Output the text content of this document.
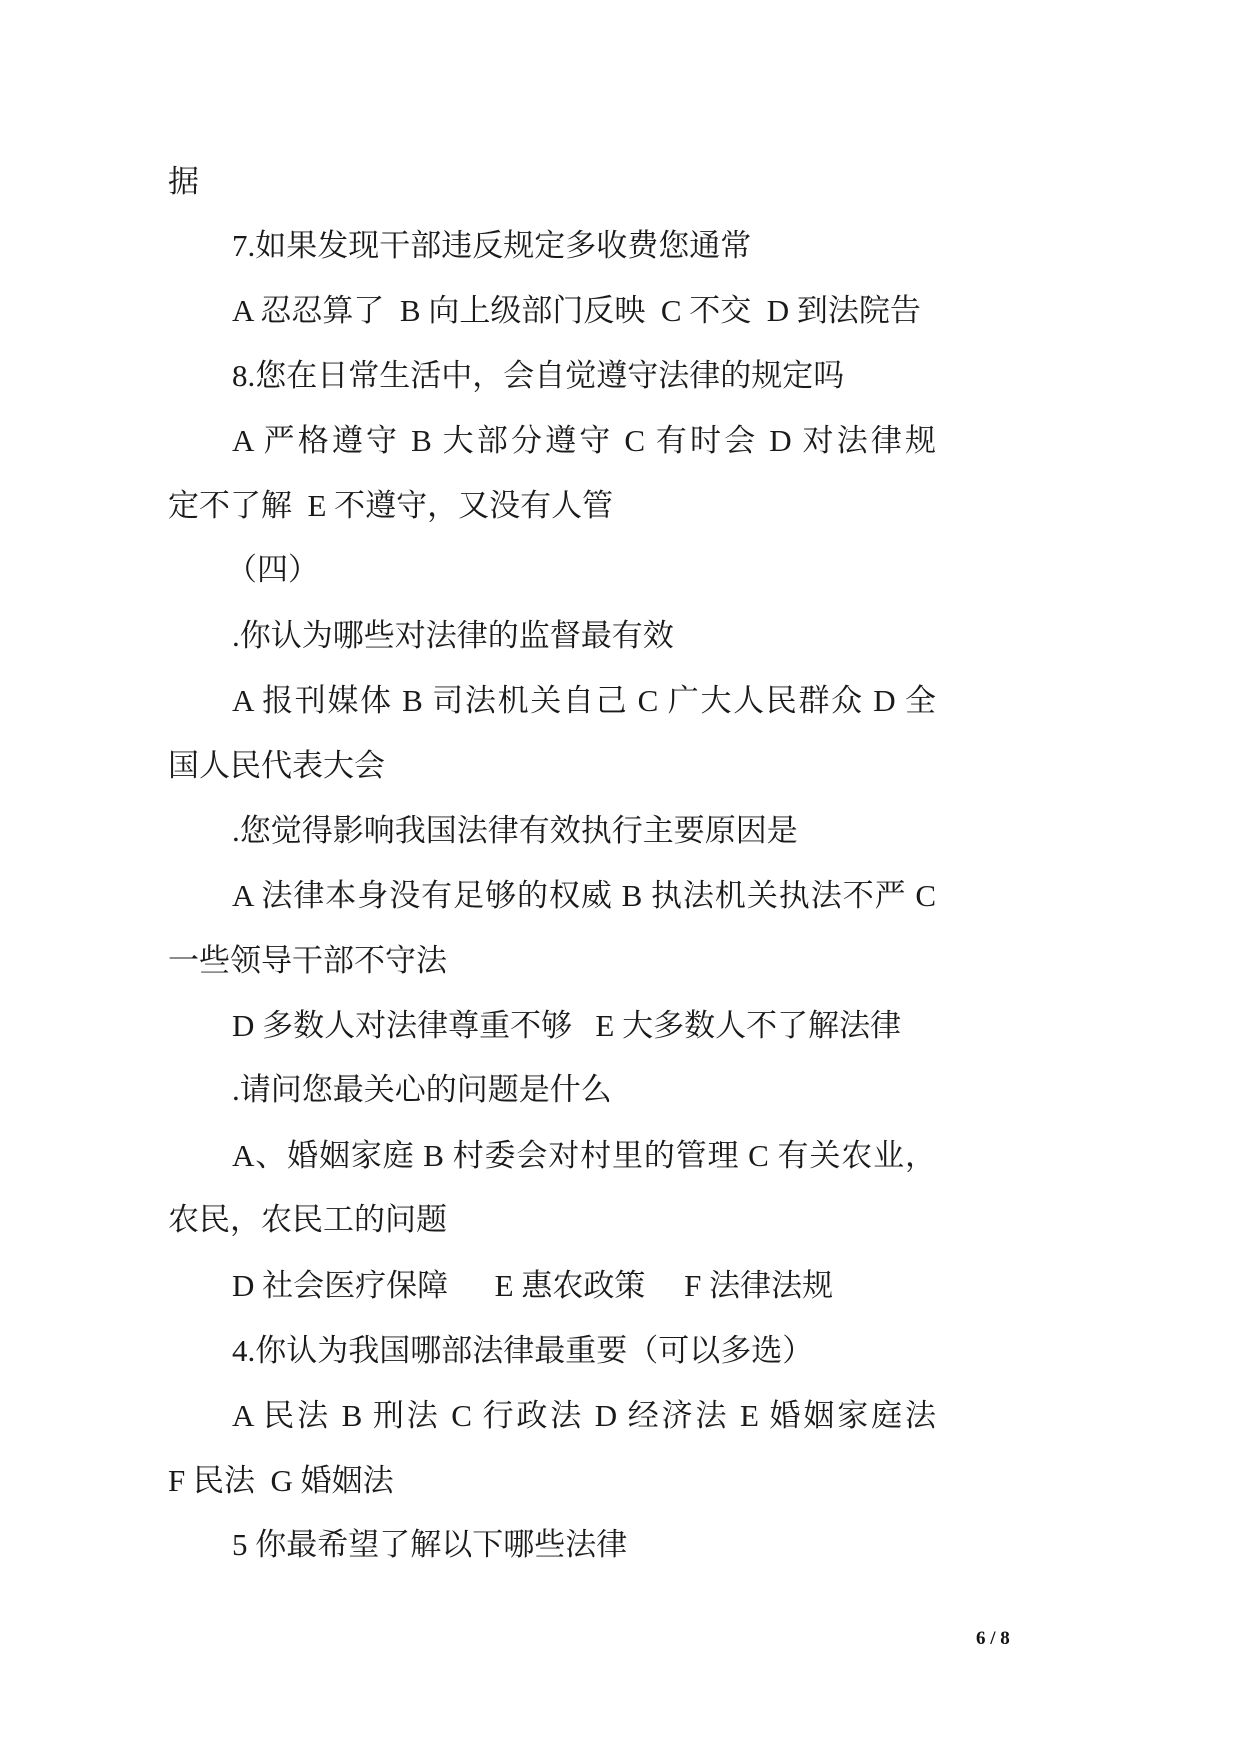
据

7.如果发现干部违反规定多收费您通常

A 忍忍算了  B 向上级部门反映  C 不交  D 到法院告

8.您在日常生活中，会自觉遵守法律的规定吗

A 严格遵守 B 大部分遵守 C 有时会 D 对法律规

定不了解  E 不遵守，又没有人管

（四）

.你认为哪些对法律的监督最有效

A 报刊媒体 B 司法机关自己 C 广大人民群众 D 全

国人民代表大会

.您觉得影响我国法律有效执行主要原因是

A 法律本身没有足够的权威 B 执法机关执法不严 C

一些领导干部不守法

D 多数人对法律尊重不够   E 大多数人不了解法律

.请问您最关心的问题是什么

A、婚姻家庭 B 村委会对村里的管理 C 有关农业，

农民，农民工的问题

D 社会医疗保障      E 惠农政策     F 法律法规

4.你认为我国哪部法律最重要（可以多选）

A 民法 B 刑法 C 行政法 D 经济法 E 婚姻家庭法

F 民法  G 婚姻法

5 你最希望了解以下哪些法律

6 / 8
